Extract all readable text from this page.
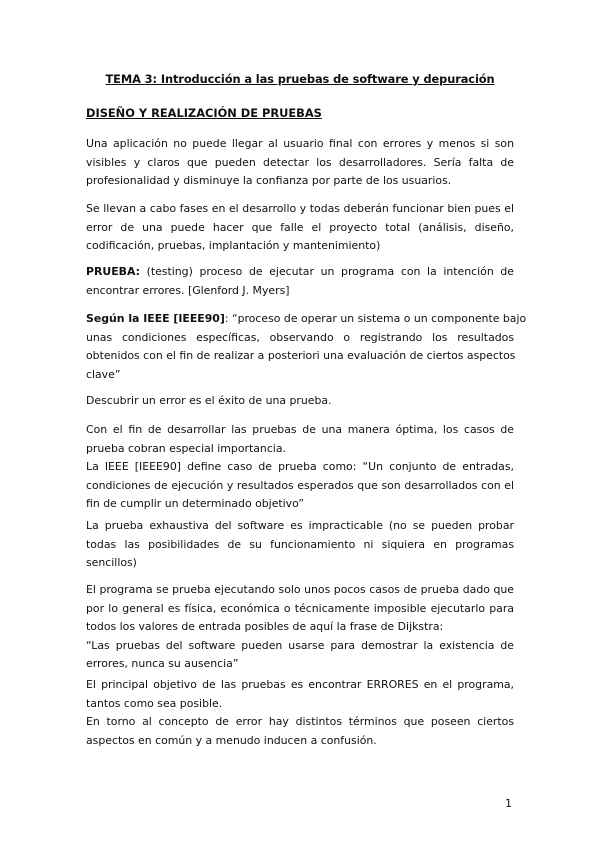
TEMA 3: Introducción a las pruebas de software y depuración
DISEÑO Y REALIZACIÓN DE PRUEBAS
Una aplicación no puede llegar al usuario final con errores y menos si son
visibles y claros que pueden detectar los desarrolladores. Sería falta de
profesionalidad y disminuye la confianza por parte de los usuarios.
Se llevan a cabo fases en el desarrollo y todas deberán funcionar bien pues el
error de una puede hacer que falle el proyecto total (análisis, diseño,
codificación, pruebas, implantación y mantenimiento)
PRUEBA: (testing) proceso de ejecutar un programa con la intención de
encontrar errores. [Glenford J. Myers]
Según la IEEE [IEEE90]: “proceso de operar un sistema o un componente bajo
unas condiciones específicas, observando o registrando los resultados
obtenidos con el fin de realizar a posteriori una evaluación de ciertos aspectos
clave”
Descubrir un error es el éxito de una prueba.
Con el fin de desarrollar las pruebas de una manera óptima, los casos de
prueba cobran especial importancia.
La IEEE [IEEE90] define caso de prueba como: “Un conjunto de entradas,
condiciones de ejecución y resultados esperados que son desarrollados con el
fin de cumplir un determinado objetivo”
La prueba exhaustiva del software es impracticable (no se pueden probar
todas las posibilidades de su funcionamiento ni siquiera en programas
sencillos)
El programa se prueba ejecutando solo unos pocos casos de prueba dado que
por lo general es física, económica o técnicamente imposible ejecutarlo para
todos los valores de entrada posibles de aquí la frase de Dijkstra:
“Las pruebas del software pueden usarse para demostrar la existencia de
errores, nunca su ausencia”
El principal objetivo de las pruebas es encontrar ERRORES en el programa,
tantos como sea posible.
En torno al concepto de error hay distintos términos que poseen ciertos
aspectos en común y a menudo inducen a confusión.
1
